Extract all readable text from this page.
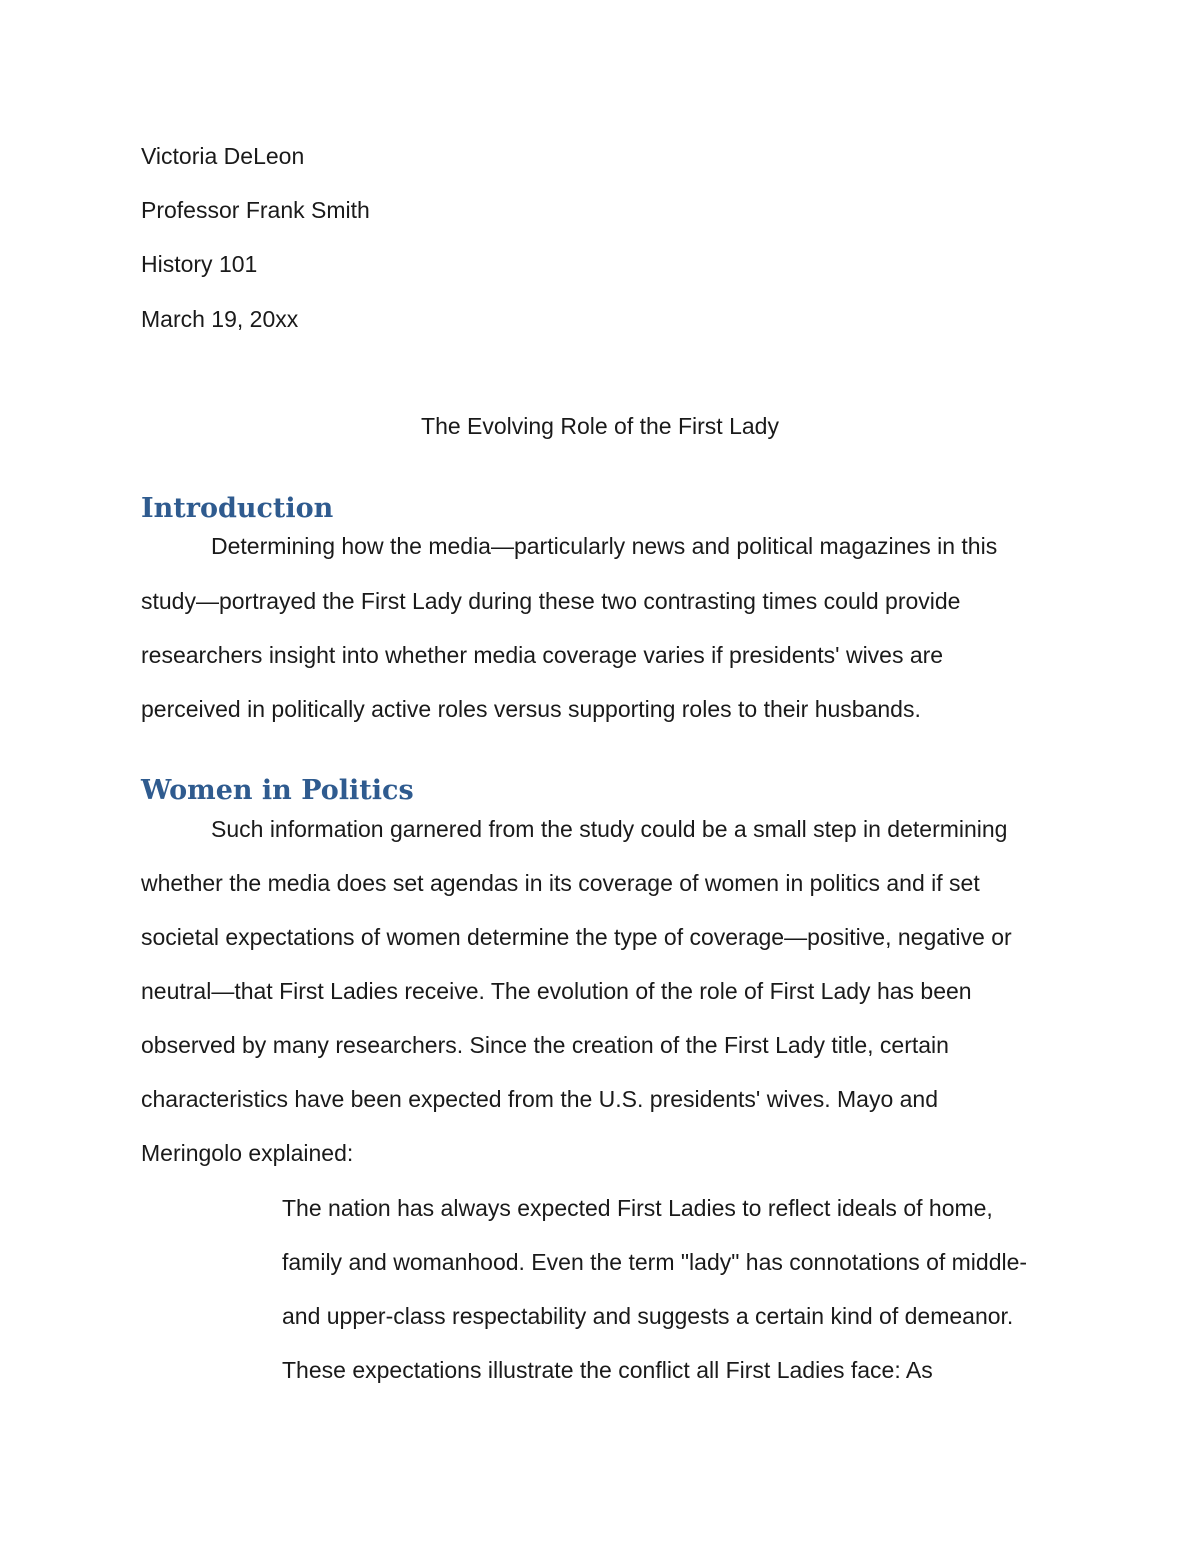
Victoria DeLeon

Professor Frank Smith

History 101

March 19, 20xx

The Evolving Role of the First Lady

Introduction

Determining how the media—particularly news and political magazines in this

study—portrayed the First Lady during these two contrasting times could provide

researchers insight into whether media coverage varies if presidents' wives are

perceived in politically active roles versus supporting roles to their husbands.

Women in Politics

Such information garnered from the study could be a small step in determining

whether the media does set agendas in its coverage of women in politics and if set

societal expectations of women determine the type of coverage—positive, negative or

neutral—that First Ladies receive. The evolution of the role of First Lady has been

observed by many researchers. Since the creation of the First Lady title, certain

characteristics have been expected from the U.S. presidents' wives. Mayo and

Meringolo explained:

The nation has always expected First Ladies to reflect ideals of home,

family and womanhood. Even the term "lady" has connotations of middle-

and upper-class respectability and suggests a certain kind of demeanor.

These expectations illustrate the conflict all First Ladies face: As
